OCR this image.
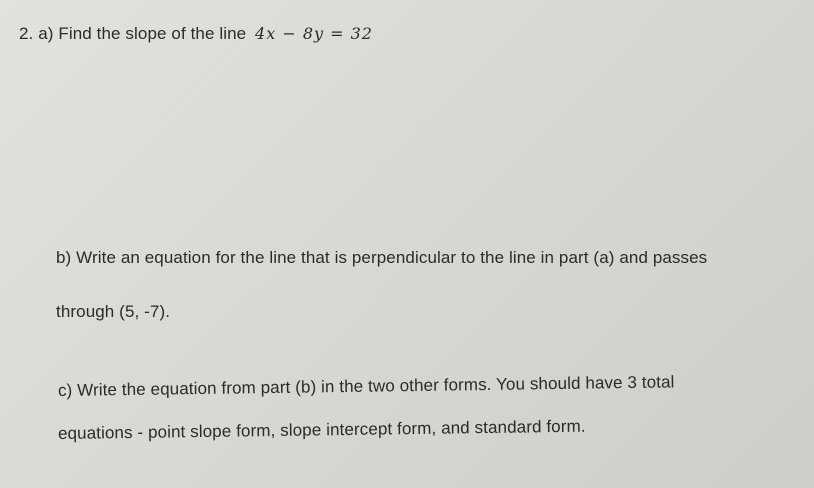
2. a) Find the slope of the line 4x − 8y = 32
b) Write an equation for the line that is perpendicular to the line in part (a) and passes
through (5, -7).
c) Write the equation from part (b) in the two other forms. You should have 3 total
equations - point slope form, slope intercept form, and standard form.
